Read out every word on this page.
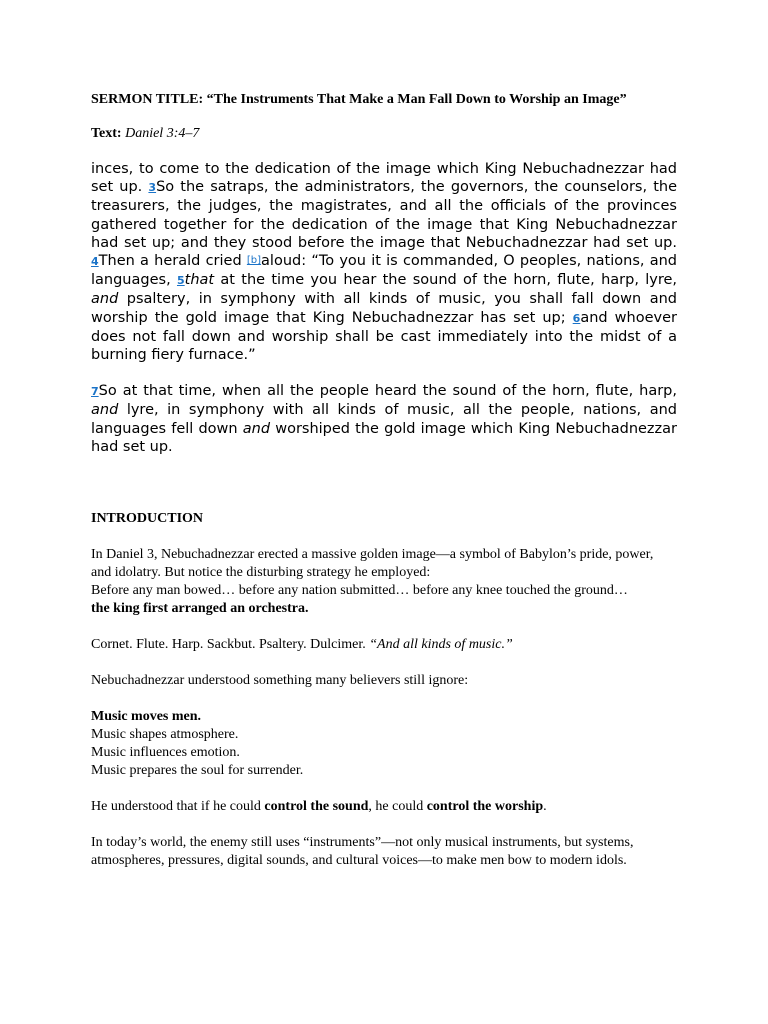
SERMON TITLE: “The Instruments That Make a Man Fall Down to Worship an Image”

Text: Daniel 3:4–7

inces, to come to the dedication of the image which King Nebuchadnezzar had set up. 3So the satraps, the administrators, the governors, the counselors, the treasurers, the judges, the magistrates, and all the officials of the provinces gathered together for the dedication of the image that King Nebuchadnezzar had set up; and they stood before the image that Nebuchadnezzar had set up. 4Then a herald cried [b]aloud: “To you it is commanded, O peoples, nations, and languages, 5that at the time you hear the sound of the horn, flute, harp, lyre, and psaltery, in symphony with all kinds of music, you shall fall down and worship the gold image that King Nebuchadnezzar has set up; 6and whoever does not fall down and worship shall be cast immediately into the midst of a burning fiery furnace.”

7So at that time, when all the people heard the sound of the horn, flute, harp, and lyre, in symphony with all kinds of music, all the people, nations, and languages fell down and worshiped the gold image which King Nebuchadnezzar had set up.

INTRODUCTION

In Daniel 3, Nebuchadnezzar erected a massive golden image—a symbol of Babylon’s pride, power, and idolatry. But notice the disturbing strategy he employed:
Before any man bowed… before any nation submitted… before any knee touched the ground…
the king first arranged an orchestra.

Cornet. Flute. Harp. Sackbut. Psaltery. Dulcimer. “And all kinds of music.”

Nebuchadnezzar understood something many believers still ignore:

Music moves men.
Music shapes atmosphere.
Music influences emotion.
Music prepares the soul for surrender.

He understood that if he could control the sound, he could control the worship.

In today’s world, the enemy still uses “instruments”—not only musical instruments, but systems, atmospheres, pressures, digital sounds, and cultural voices—to make men bow to modern idols.
